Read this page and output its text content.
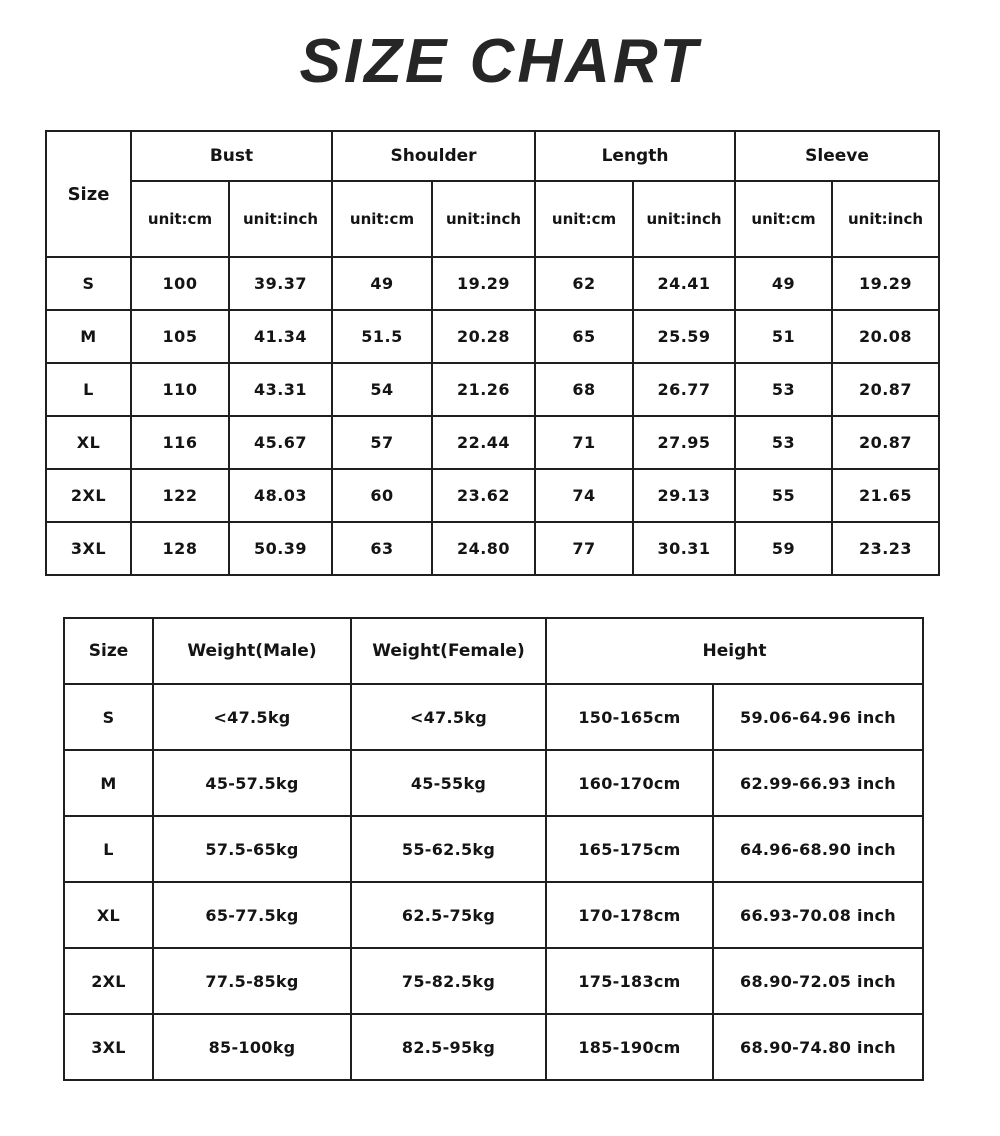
SIZE CHART
Size	Bust		Shoulder		Length		Sleeve	
	unit:cm	unit:inch	unit:cm	unit:inch	unit:cm	unit:inch	unit:cm	unit:inch
S	100	39.37	49	19.29	62	24.41	49	19.29
M	105	41.34	51.5	20.28	65	25.59	51	20.08
L	110	43.31	54	21.26	68	26.77	53	20.87
XL	116	45.67	57	22.44	71	27.95	53	20.87
2XL	122	48.03	60	23.62	74	29.13	55	21.65
3XL	128	50.39	63	24.80	77	30.31	59	23.23
Size	Weight(Male)	Weight(Female)	Height	
S	<47.5kg	<47.5kg	150-165cm	59.06-64.96 inch
M	45-57.5kg	45-55kg	160-170cm	62.99-66.93 inch
L	57.5-65kg	55-62.5kg	165-175cm	64.96-68.90 inch
XL	65-77.5kg	62.5-75kg	170-178cm	66.93-70.08 inch
2XL	77.5-85kg	75-82.5kg	175-183cm	68.90-72.05 inch
3XL	85-100kg	82.5-95kg	185-190cm	68.90-74.80 inch
